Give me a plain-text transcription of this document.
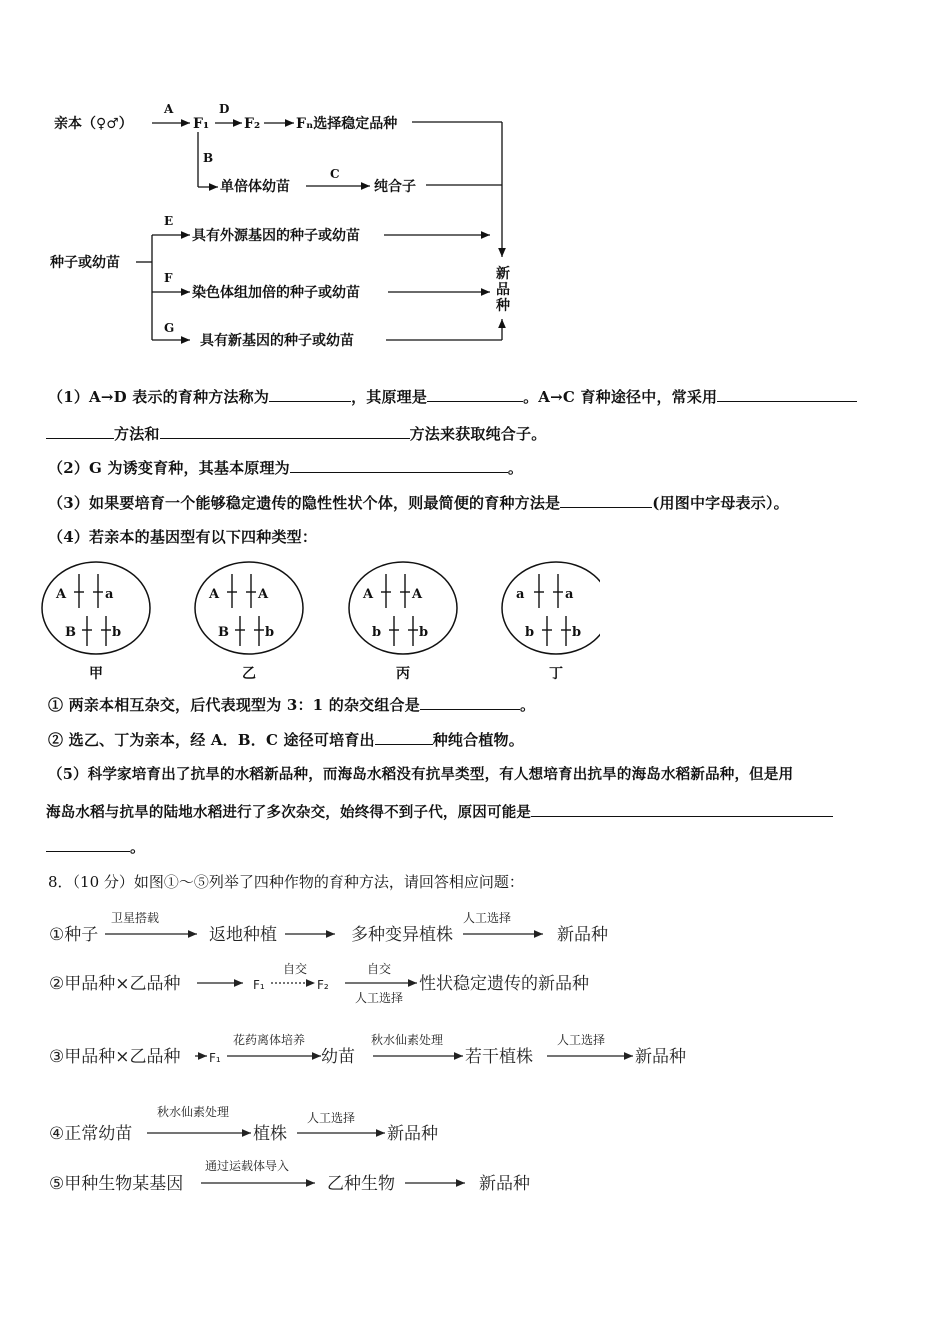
亲本（♀♂）
A
F₁
D
F₂	Fₙ选择稳定品种
B
单倍体幼苗
C
纯合子
新
品
种
种子或幼苗
E
具有外源基因的种子或幼苗
F
染色体组加倍的种子或幼苗
G
具有新基因的种子或幼苗
（1）A→D 表示的育种方法称为	，其原理是	。A→C 育种途径中，常采用
方法和	方法来获取纯合子。
（2）G 为诱变育种，其基本原理为	。
（3）如果要培育一个能够稳定遗传的隐性性状个体，则最简便的育种方法是	(用图中字母表示）。
（4）若亲本的基因型有以下四种类型：
A	a
B	b
甲
A	A
B	b
乙
A	A
b	b
丙
a	a
b	b
丁
① 两亲本相互杂交，后代表现型为 3：1 的杂交组合是	。
② 选乙、丁为亲本，经 A．B．C 途径可培育出	种纯合植物。
（5）科学家培育出了抗旱的水稻新品种，而海岛水稻没有抗旱类型，有人想培育出抗旱的海岛水稻新品种，但是用
海岛水稻与抗旱的陆地水稻进行了多次杂交，始终得不到子代，原因可能是
。
8．（10 分）如图①～⑤列举了四种作物的育种方法，请回答相应问题：
①种子
卫星搭载
返地种植	多种变异植株
人工选择
新品种
②甲品种×乙品种	F₁
自交
F₂
自交
人工选择
性状稳定遗传的新品种
③甲品种×乙品种 F₁
花药离体培养
幼苗
秋水仙素处理
若干植株
人工选择
新品种
④正常幼苗
秋水仙素处理
植株
人工选择
新品种
⑤甲种生物某基因
通过运载体导入
乙种生物	新品种
